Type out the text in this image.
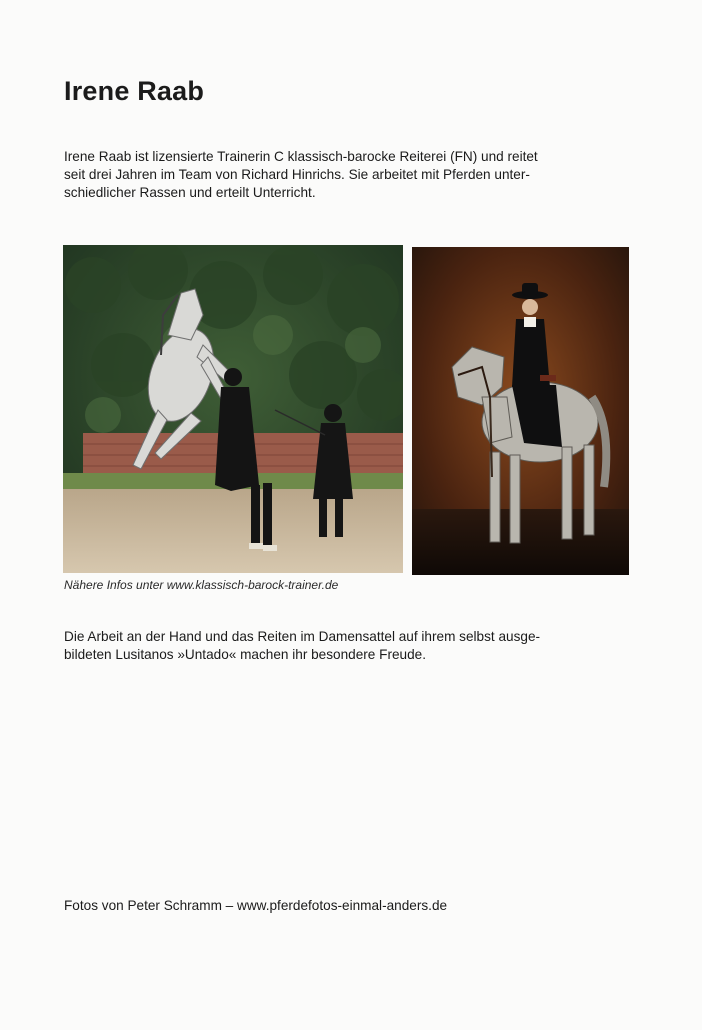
Irene Raab

Irene Raab ist lizensierte Trainerin C klassisch-barocke Reiterei (FN) und reitet
seit drei Jahren im Team von Richard Hinrichs. Sie arbeitet mit Pferden unter-
schiedlicher Rassen und erteilt Unterricht.

Nähere Infos unter www.klassisch-barock-trainer.de

Die Arbeit an der Hand und das Reiten im Damensattel auf ihrem selbst ausge-
bildeten Lusitanos »Untado« machen ihr besondere Freude.

Fotos von Peter Schramm – www.pferdefotos-einmal-anders.de
